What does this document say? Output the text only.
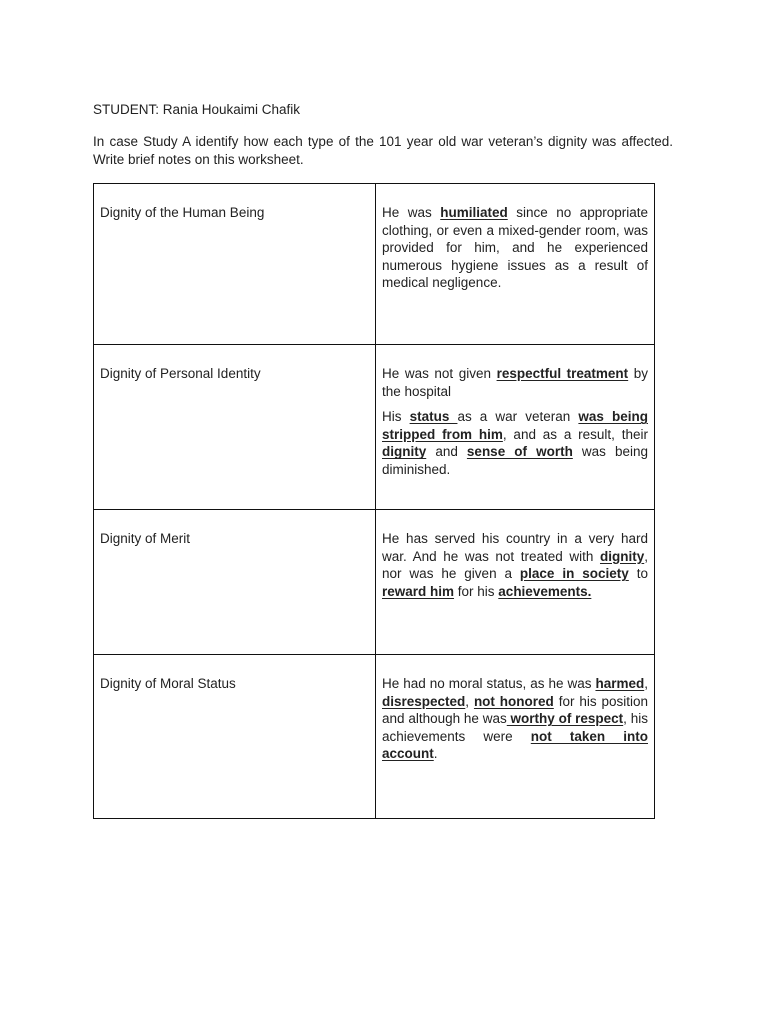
STUDENT: Rania Houkaimi Chafik
In case Study A identify how each type of the 101 year old war veteran’s dignity was affected. Write brief notes on this worksheet.
Dignity of the Human Being	He was humiliated since no appropriate clothing, or even a mixed-gender room, was provided for him, and he experienced numerous hygiene issues as a result of medical negligence.

Dignity of Personal Identity	He was not given respectful treatment by the hospital

His status as a war veteran was being stripped from him, and as a result, their dignity and sense of worth was being diminished.

Dignity of Merit	He has served his country in a very hard war. And he was not treated with dignity, nor was he given a place in society to reward him for his achievements.

Dignity of Moral Status	He had no moral status, as he was harmed, disrespected, not honored for his position and although he was worthy of respect, his achievements were not taken into account.
